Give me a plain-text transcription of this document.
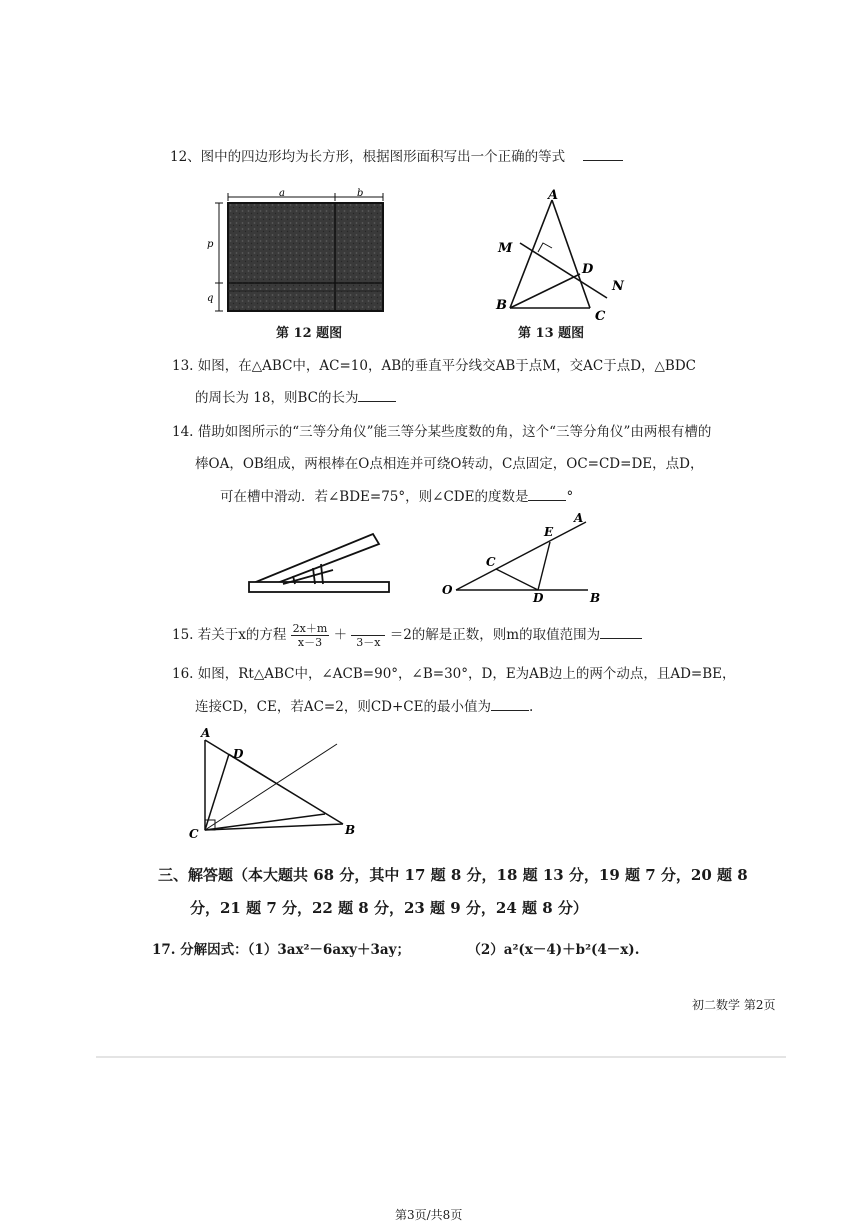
12、图中的四边形均为长方形，根据图形面积写出一个正确的等式
a	b
p
q
第 12 题图
A
M
D
N
B
C
第 13 题图
13. 如图，在△ABC中，AC=10，AB的垂直平分线交AB于点M，交AC于点D，△BDC
的周长为 18，则BC的长为
14. 借助如图所示的“三等分角仪”能三等分某些度数的角，这个“三等分角仪”由两根有槽的
棒OA，OB组成，两根棒在O点相连并可绕O转动，C点固定，OC=CD=DE，点D，
可在槽中滑动．若∠BDE=75°，则∠CDE的度数是	°
O
A
B
C
D
E
15. 若关于x的方程 $\frac{2x+m}{x-3} + 3-x =2$的解是正数，则m的取值范围为
16. 如图，Rt△ABC中，∠ACB=90°，∠B=30°，D，E为AB边上的两个动点，且AD=BE，
连接CD，CE，若AC=2，则CD+CE的最小值为	.
A
D
C	B
三、解答题（本大题共 68 分，其中 17 题 8 分，18 题 13 分，19 题 7 分，20 题 8
分，21 题 7 分，22 题 8 分，23 题 9 分，24 题 8 分）
17. 分解因式：（1）3ax²－6axy＋3ay；	（2）a²(x－4)＋b²(4－x).
初二数学 第2页
第3页/共8页
